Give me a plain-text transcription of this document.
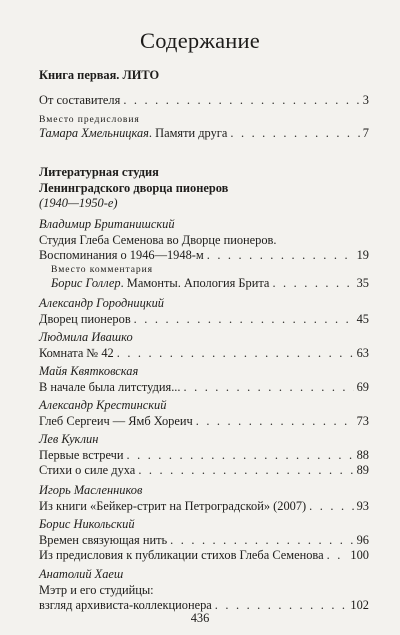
Содержание
Книга первая. ЛИТО
От составителя . . .	3
Вместо предисловия
Тамара Хмельницкая. Памяти друга . . .	7
Литературная студия
Ленинградского дворца пионеров
(1940—1950-е)
Владимир Британишский
Студия Глеба Семенова во Дворце пионеров.
Воспоминания о 1946—1948-м . . .	19
Вместо комментария
Борис Голлер. Мамонты. Апология Брита . . .	35
Александр Городницкий
Дворец пионеров . . .	45
Людмила Ивашко
Комната № 42 . . .	63
Майя Квятковская
В начале была литстудия... . . .	69
Александр Крестинский
Глеб Сергеич — Ямб Хореич . . .	73
Лев Куклин
Первые встречи . . .	88
Стихи о силе духа . . .	89
Игорь Масленников
Из книги «Бейкер-стрит на Петроградской» (2007) . . .	93
Борис Никольский
Времен связующая нить . . .	96
Из предисловия к публикации стихов Глеба Семенова . . . 100
Анатолий Хаеш
Мэтр и его студийцы:
взгляд архивиста-коллекционера . . .	102
436
